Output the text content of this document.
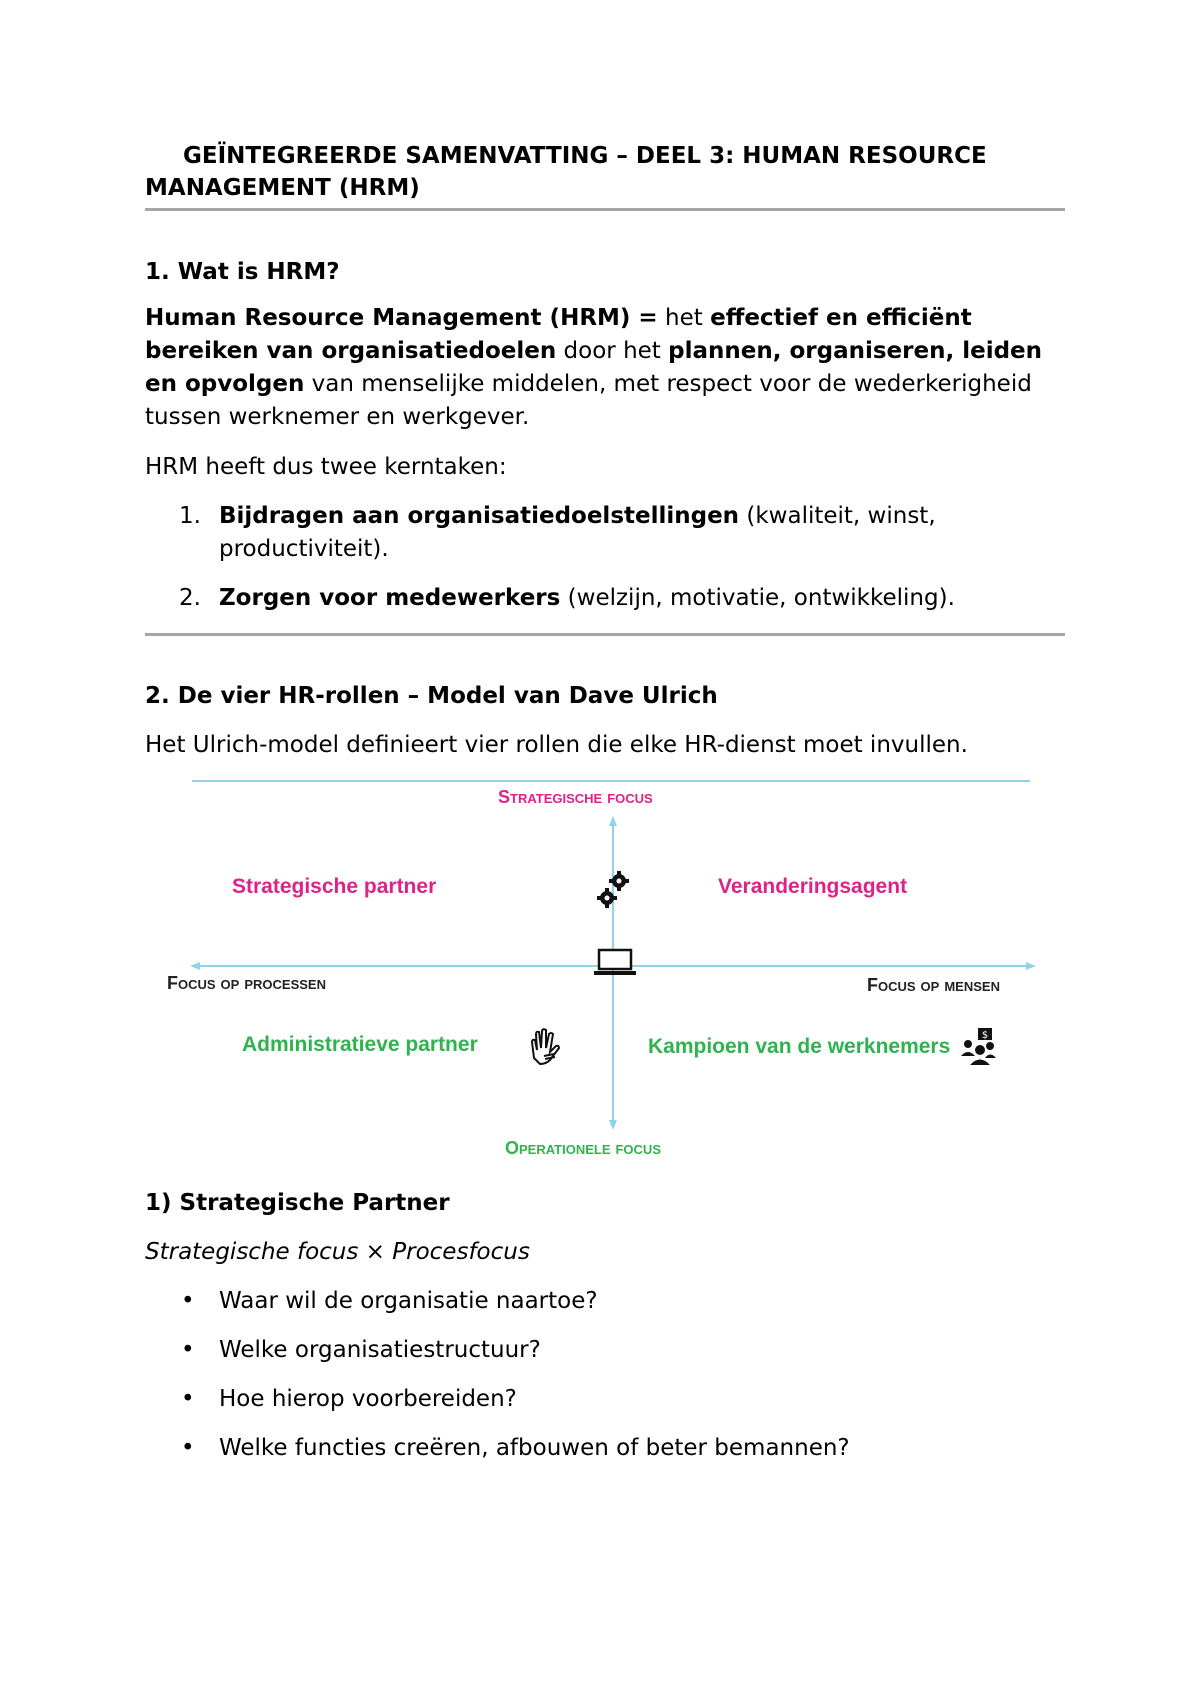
GEÏNTEGREERDE SAMENVATTING – DEEL 3: HUMAN RESOURCE MANAGEMENT (HRM)
1. Wat is HRM?
Human Resource Management (HRM) = het effectief en efficiënt bereiken van organisatiedoelen door het plannen, organiseren, leiden en opvolgen van menselijke middelen, met respect voor de wederkerigheid tussen werknemer en werkgever.
HRM heeft dus twee kerntaken:
1. Bijdragen aan organisatiedoelstellingen (kwaliteit, winst, productiviteit).
2. Zorgen voor medewerkers (welzijn, motivatie, ontwikkeling).
2. De vier HR-rollen – Model van Dave Ulrich
Het Ulrich-model definieert vier rollen die elke HR-dienst moet invullen.
1) Strategische Partner
Strategische focus × Procesfocus
• Waar wil de organisatie naartoe?
• Welke organisatiestructuur?
• Hoe hierop voorbereiden?
• Welke functies creëren, afbouwen of beter bemannen?
Strategische focus
Operationele focus
Focus op processen	Focus op mensen
Strategische partner	Veranderingsagent
Administratieve partner	Kampioen van de werknemers	$
